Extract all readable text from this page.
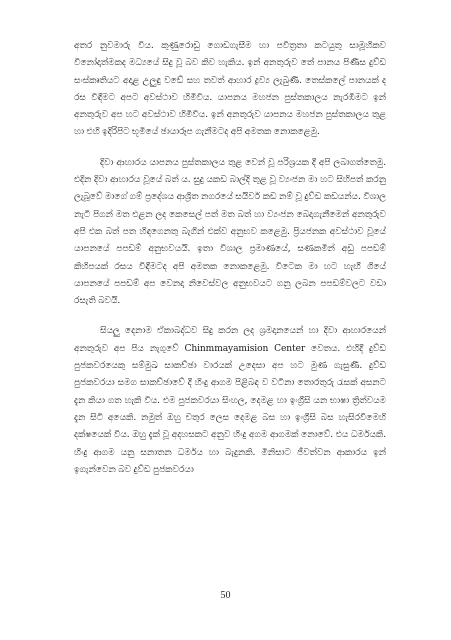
අතර නුවමාරු විය. කුණුරොඩු ගොඩගැසීම හා පවිත්‍රතා කටයුතු සාමූහිකව විනෝදාත්මකද මධ්‍යයේ සිදු වූ බව කිව හැකිය. ඉන් අනතුරුව තේ පානය පිණිස දුව්ඩ සංස්කෘතියට අදාළ උලුඳු වඩේ සහ තවත් ආහාර ද්‍රව්‍ය ලැබුණි. තෙස්කලේ පානයක් ද රස විඳීමට අපට අවස්ථාව හිමිවිය. යාපනය මහජන පුස්තකාලය නැරඹීමට ඉන් අනතුරුව අප හට අවස්ථාව හිමිවිය. ඉන් අනතුරුව යාපනය මහජන පුස්තකාලය තුළ හා එහි ඉදිරිපිට භූමියේ ඡායාරූප ගැනීමටද අපි අමතක නොකළෙමු.

දිවා ආහාරය යාපනය පුස්තකාලය තුළ වෙන් වූ පරිශ්‍රයක දී අපි ලබාගත්තෙමු. එදින දිවා ආහාරය වූයේ බත් ය. සුදු යකඩ බාල්දි තුළ වූ ව්‍යංජන මා හට සිහිපත් කරනු ලැබූවේ මාගේ ගම් ප්‍රදේශය ආශ්‍රිත නගරයේ සයිවර් කඩ නම් වූ දුව්ඩ කඩයන්ය. විශාල නැටි පිගන් මත එළන ලද කෙසෙල් පත් මත බත් හා ව්‍යංජන බෙදාගැනීමෙන් අනතුරුව අපි එක බත් පත හිඳගෙනතු බැගින් එක්ව අනුභව කළෙමු. ප්‍රියජනක අවස්ථාව වූයේ යාපනයේ පපඩම් අනුභවයයි. ඉතා විශාල ප්‍රමාණයේ, සණකමින් අඩු පපඩම් කිහිපයක් රසය විඳීමටද අපි අමතක නොකළෙමු. විටෙක මා හට හැඟී ගියේ යාපනයේ පපඩම් අප වෙනදා නිවෙස්වල අනුභවයට ගනු ලබන පපඩම්වලට වඩා රසැති බවයි.

සියලු දෙනාම ඒකාබද්ධව සිදු කරන ලද ශ්‍රමදානයෙන් හා දිවා ආහාරයෙන් අනතුරුව අප පිය නැගුවේ Chinmmayamision Center වෙතය. එහිදී දුව්ඩ පුජකවරයෙකු සම්මුඛ සාකච්ඡා වාරයක් උදෙසා අප හට මුණ ගැසුණි. දුව්ඩ පුජකවරයා සමග සාකච්ඡාවේ දී හිංදු ආගම පිළිබඳ ව වටිනා තොරතුරු රැසක් අසනට දැන කියා ගත හැකි විය. එම පුජකවරයා සිංහල, දෙමළ හා ඉංග්‍රීසි යන භාෂා ත්‍රිත්වයම දැන සිටි අයෙකි. නමුත් ඔහු චතුර ලෙස දෙමළ බස හා ඉංග්‍රීසි බස හැසිරවීමෙහි දක්ෂයෙක් විය. ඔහු දැක් වූ අදහසකට අනුව හිංදු අගම ආගමක් නොවේ. එය ධර්මයකි. හිංදු ආගම යනු සනාතන ධර්මය හා බැදුනකි. මිනිසාට ජීවත්වන ආකාරය ඉන් ඉගැන්වෙන බව දුව්ඩ පුජකවරයා

50
